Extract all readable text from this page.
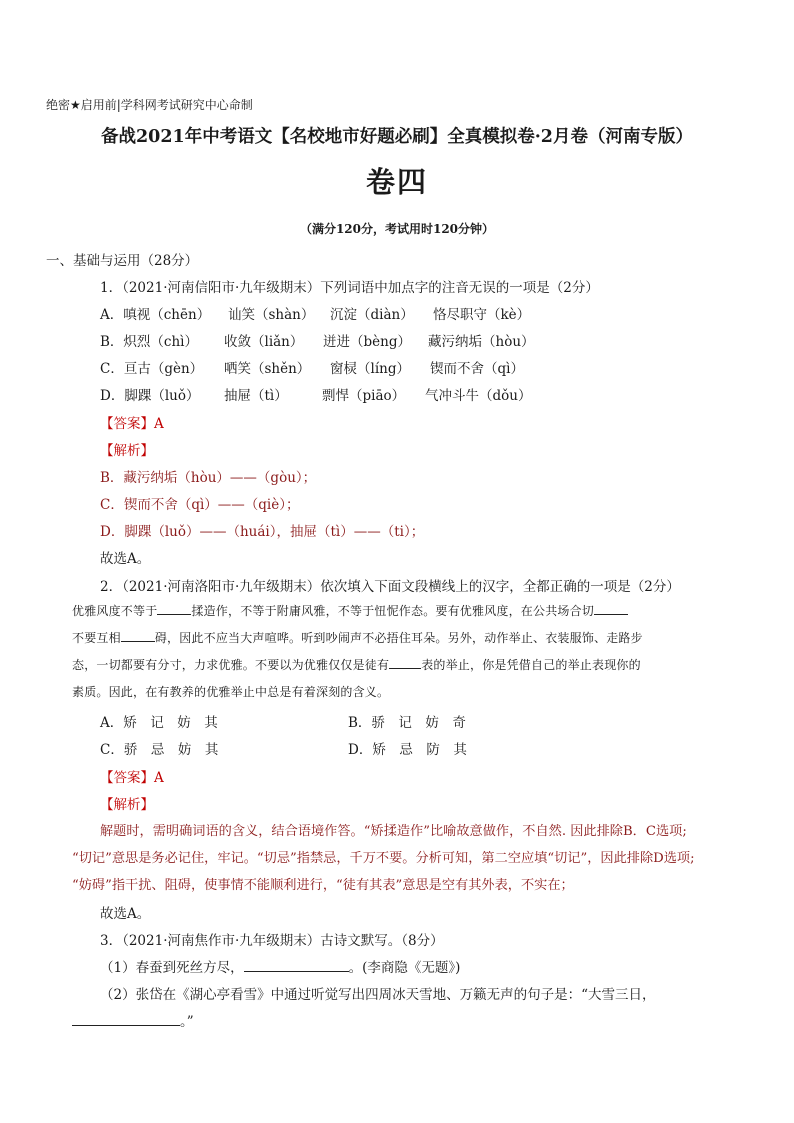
绝密★启用前|学科网考试研究中心命制
备战2021年中考语文【名校地市好题必刷】全真模拟卷·2月卷（河南专版）
卷四
（满分120分，考试用时120分钟）
一、基础与运用（28分）
1．（2021·河南信阳市·九年级期末）下列词语中加点字的注音无误的一项是（2分）
A．嗔视（chēn） 讪笑（shàn） 沉淀（diàn） 恪尽职守（kè）
B．炽烈（chì） 收敛（liǎn） 迸进（bèng） 藏污纳垢（hòu）
C．亘古（gèn） 哂笑（shěn） 窗棂（líng） 锲而不舍（qì）
D．脚踝（luǒ） 抽屉（tì）	剽悍（piāo） 气冲斗牛（dǒu）
【答案】A
【解析】
B．藏污纳垢（hòu）——（gòu）；
C．锲而不舍（qì）——（qiè）；
D．脚踝（luǒ）——（huái），抽屉（tì）——（ti）；
故选A。
2．（2021·河南洛阳市·九年级期末）依次填入下面文段横线上的汉字，全都正确的一项是（2分）
优雅风度不等于	揉造作，不等于附庸风雅，不等于忸怩作态。要有优雅风度，在公共场合切
不要互相	碍，因此不应当大声喧哗。听到吵闹声不必捂住耳朵。另外，动作举止、衣装服饰、走路步
态，一切都要有分寸，力求优雅。不要以为优雅仅仅是徒有	表的举止，你是凭借自己的举止表现你的
素质。因此，在有教养的优雅举止中总是有着深刻的含义。
A．矫　记　妨　其	B．骄　记　妨　奇
C．骄　忌　妨　其	D．矫　忌　防　其
【答案】A
【解析】
解题时，需明确词语的含义，结合语境作答。“矫揉造作”比喻故意做作，不自然. 因此排除B．C选项;
“切记”意思是务必记住，牢记。“切忌”指禁忌，千万不要。分析可知，第二空应填“切记”，因此排除D选项;
“妨碍”指干扰、阻碍，使事情不能顺利进行，“徒有其表”意思是空有其外表，不实在；
故选A。
3．（2021·河南焦作市·九年级期末）古诗文默写。（8分）
（1）春蚕到死丝方尽，	。(李商隐《无题》)
（2）张岱在《湖心亭看雪》中通过听觉写出四周冰天雪地、万籁无声的句子是：“大雪三日，
。”
